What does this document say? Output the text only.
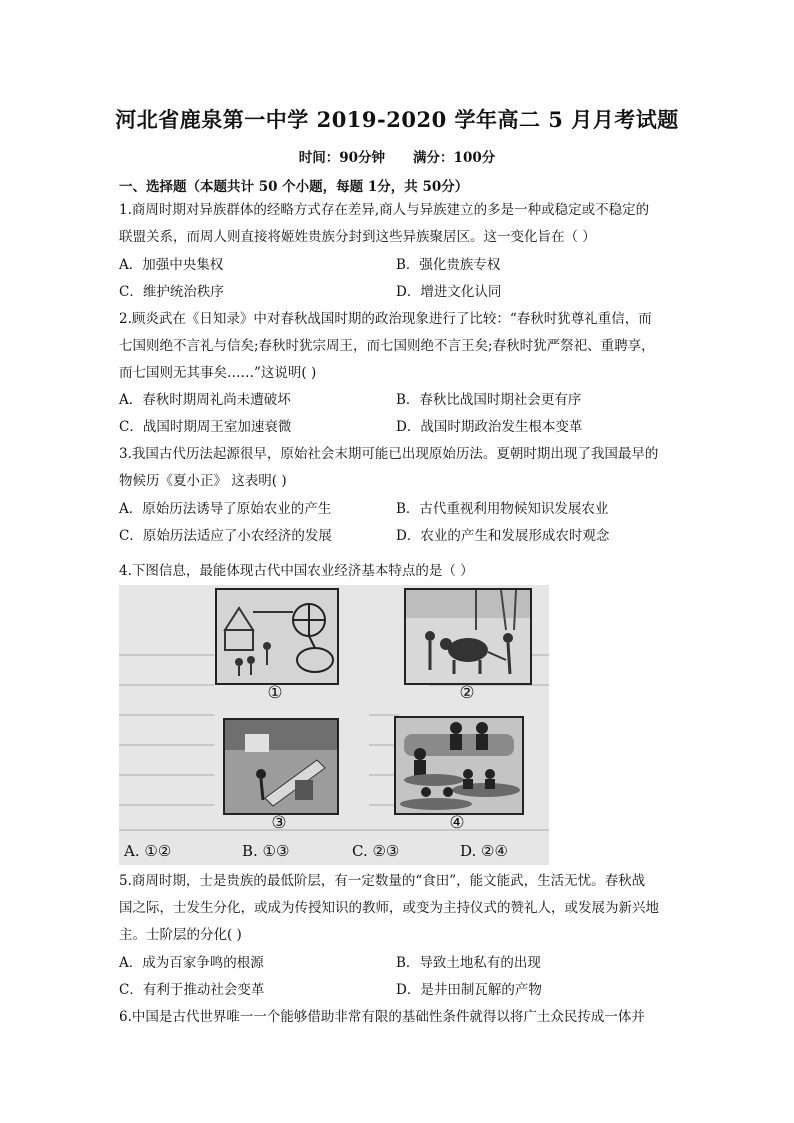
河北省鹿泉第一中学 2019-2020 学年高二 5 月月考试题
时间：90分钟 满分：100分
一、选择题（本题共计 50 个小题，每题 1分，共 50分）
1.商周时期对异族群体的经略方式存在差异,商人与异族建立的多是一种或稳定或不稳定的
联盟关系，而周人则直接将姬姓贵族分封到这些异族聚居区。这一变化旨在（ ）
A．加强中央集权	B．强化贵族专权
C．维护统治秩序	D．增进文化认同
2.顾炎武在《日知录》中对春秋战国时期的政治现象进行了比较：“春秋时犹尊礼重信，而
七国则绝不言礼与信矣;春秋时犹宗周王，而七国则绝不言王矣;春秋时犹严祭祀、重聘享，
而七国则无其事矣……”这说明( )
A．春秋时期周礼尚未遭破坏	B．春秋比战国时期社会更有序
C．战国时期周王室加速衰微	D．战国时期政治发生根本变革
3.我国古代历法起源很早，原始社会末期可能已出现原始历法。夏朝时期出现了我国最早的
物候历《夏小正》 这表明( )
A．原始历法诱导了原始农业的产生	B．古代重视利用物候知识发展农业
C．原始历法适应了小农经济的发展	D．农业的产生和发展形成农时观念
4.下图信息，最能体现古代中国农业经济基本特点的是（ ）
①	②
③	④
A. ①②	B. ①③	C. ②③	D. ②④
5.商周时期，士是贵族的最低阶层，有一定数量的“食田”，能文能武，生活无忧。春秋战
国之际，士发生分化，或成为传授知识的教师，或变为主持仪式的赞礼人，或发展为新兴地
主。士阶层的分化( )
A．成为百家争鸣的根源	B．导致土地私有的出现
C．有利于推动社会变革	D．是井田制瓦解的产物
6.中国是古代世界唯一一个能够借助非常有限的基础性条件就得以将广土众民抟成一体并
